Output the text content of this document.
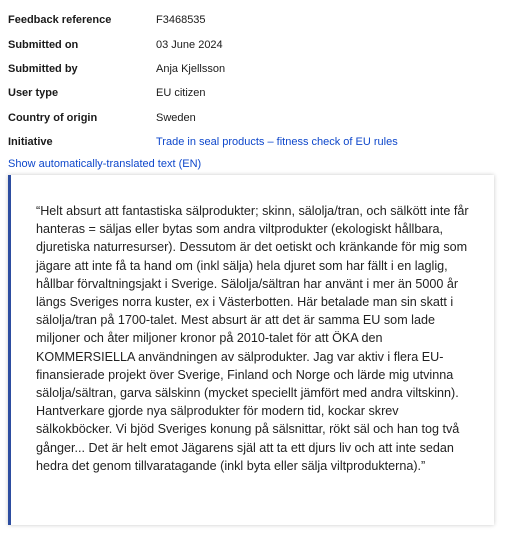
Feedback reference	F3468535
Submitted on	03 June 2024
Submitted by	Anja Kjellsson
User type	EU citizen
Country of origin	Sweden
Initiative	Trade in seal products – fitness check of EU rules
Show automatically-translated text (EN)

“Helt absurt att fantastiska sälprodukter; skinn, sälolja/tran, och sälkött inte får hanteras = säljas eller bytas som andra viltprodukter (ekologiskt hållbara, djuretiska naturresurser). Dessutom är det oetiskt och kränkande för mig som jägare att inte få ta hand om (inkl sälja) hela djuret som har fällt i en laglig, hållbar förvaltningsjakt i Sverige. Sälolja/sältran har använt i mer än 5000 år längs Sveriges norra kuster, ex i Västerbotten. Här betalade man sin skatt i sälolja/tran på 1700-talet. Mest absurt är att det är samma EU som lade miljoner och åter miljoner kronor på 2010-talet för att ÖKA den KOMMERSIELLA användningen av sälprodukter. Jag var aktiv i flera EU-finansierade projekt över Sverige, Finland och Norge och lärde mig utvinna sälolja/sältran, garva sälskinn (mycket speciellt jämfört med andra viltskinn). Hantverkare gjorde nya sälprodukter för modern tid, kockar skrev sälkokböcker. Vi bjöd Sveriges konung på sälsnittar, rökt säl och han tog två gånger... Det är helt emot Jägarens själ att ta ett djurs liv och att inte sedan hedra det genom tillvaratagande (inkl byta eller sälja viltprodukterna).”
